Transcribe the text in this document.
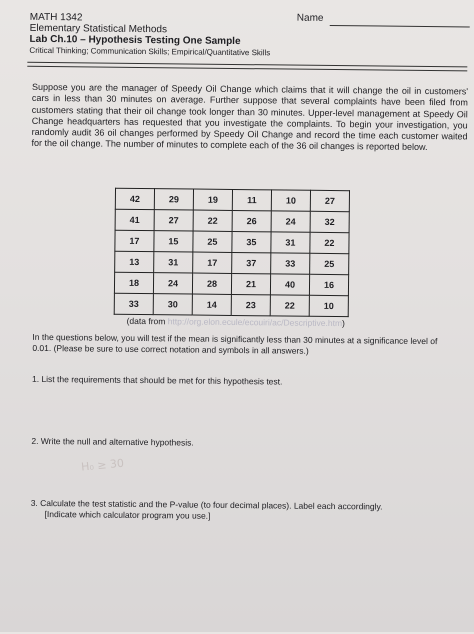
Name
MATH 1342
Elementary Statistical Methods
Lab Ch.10 – Hypothesis Testing One Sample
Critical Thinking; Communication Skills; Empirical/Quantitative Skills
Suppose you are the manager of Speedy Oil Change which claims that it will change the oil in customers' cars in less than 30 minutes on average. Further suppose that several complaints have been filed from customers stating that their oil change took longer than 30 minutes. Upper-level management at Speedy Oil Change headquarters has requested that you investigate the complaints. To begin your investigation, you randomly audit 36 oil changes performed by Speedy Oil Change and record the time each customer waited for the oil change. The number of minutes to complete each of the 36 oil changes is reported below.
42	29	19	11	10	27
41	27	22	26	24	32
17	15	25	35	31	22
13	31	17	37	33	25
18	24	28	21	40	16
33	30	14	23	22	10
(data from http://org.elon.ecule/ecouiri/ac/Descriptive.htm)
In the questions below, you will test if the mean is significantly less than 30 minutes at a significance level of 0.01. (Please be sure to use correct notation and symbols in all answers.)
1. List the requirements that should be met for this hypothesis test.
2. Write the null and alternative hypothesis.
H₀ ≥ 30
3. Calculate the test statistic and the P-value (to four decimal places). Label each accordingly.
[Indicate which calculator program you use.]
